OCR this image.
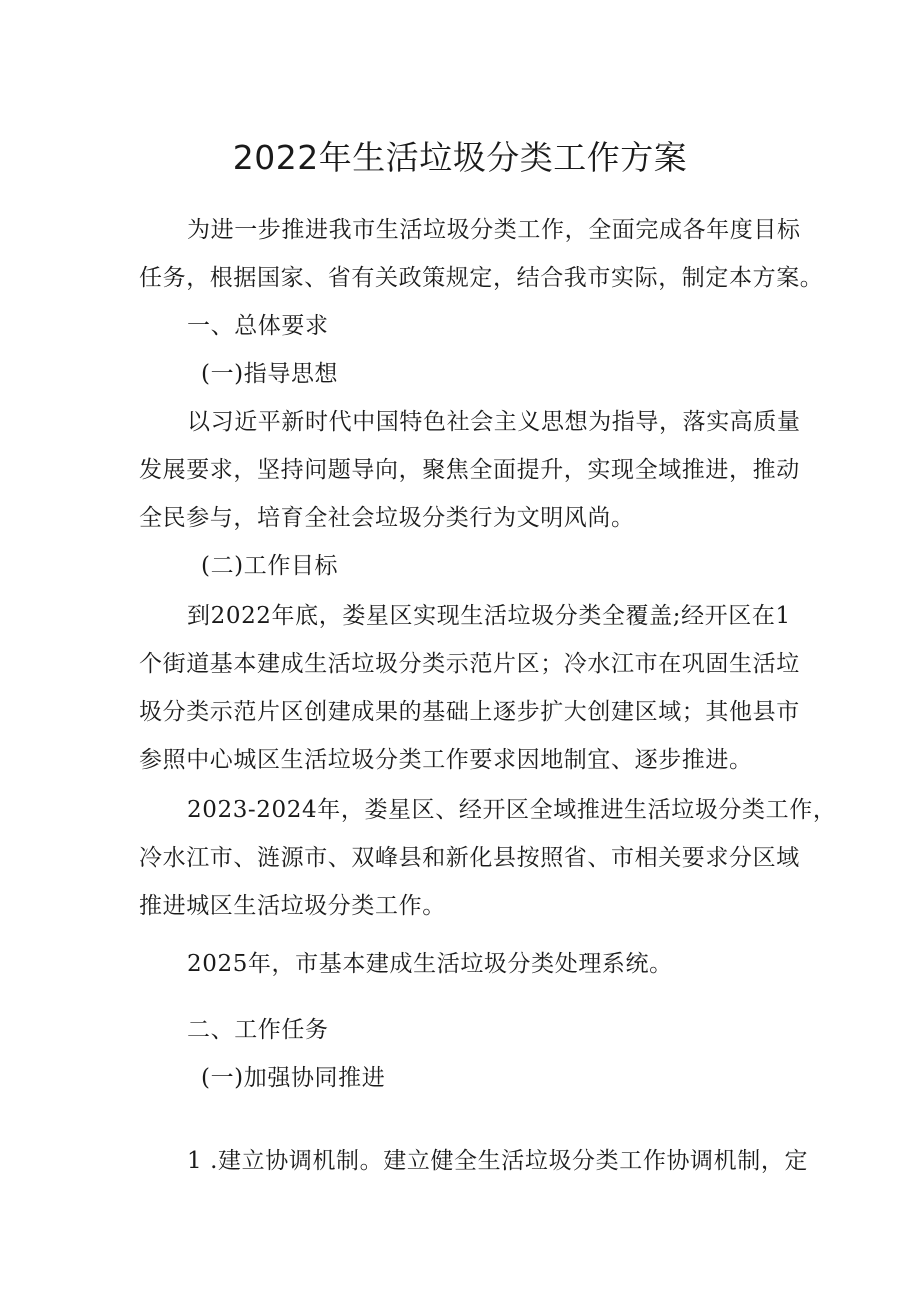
2022年生活垃圾分类工作方案
为进一步推进我市生活垃圾分类工作，全面完成各年度目标
任务，根据国家、省有关政策规定，结合我市实际，制定本方案。
一、总体要求
(一)指导思想
以习近平新时代中国特色社会主义思想为指导，落实高质量
发展要求，坚持问题导向，聚焦全面提升，实现全域推进，推动
全民参与，培育全社会垃圾分类行为文明风尚。
(二)工作目标
到2022年底，娄星区实现生活垃圾分类全覆盖;经开区在1
个街道基本建成生活垃圾分类示范片区；冷水江市在巩固生活垃
圾分类示范片区创建成果的基础上逐步扩大创建区域；其他县市
参照中心城区生活垃圾分类工作要求因地制宜、逐步推进。
2023-2024年，娄星区、经开区全域推进生活垃圾分类工作，
冷水江市、涟源市、双峰县和新化县按照省、市相关要求分区域
推进城区生活垃圾分类工作。
2025年，市基本建成生活垃圾分类处理系统。
二、工作任务
(一)加强协同推进
1 .建立协调机制。建立健全生活垃圾分类工作协调机制，定
